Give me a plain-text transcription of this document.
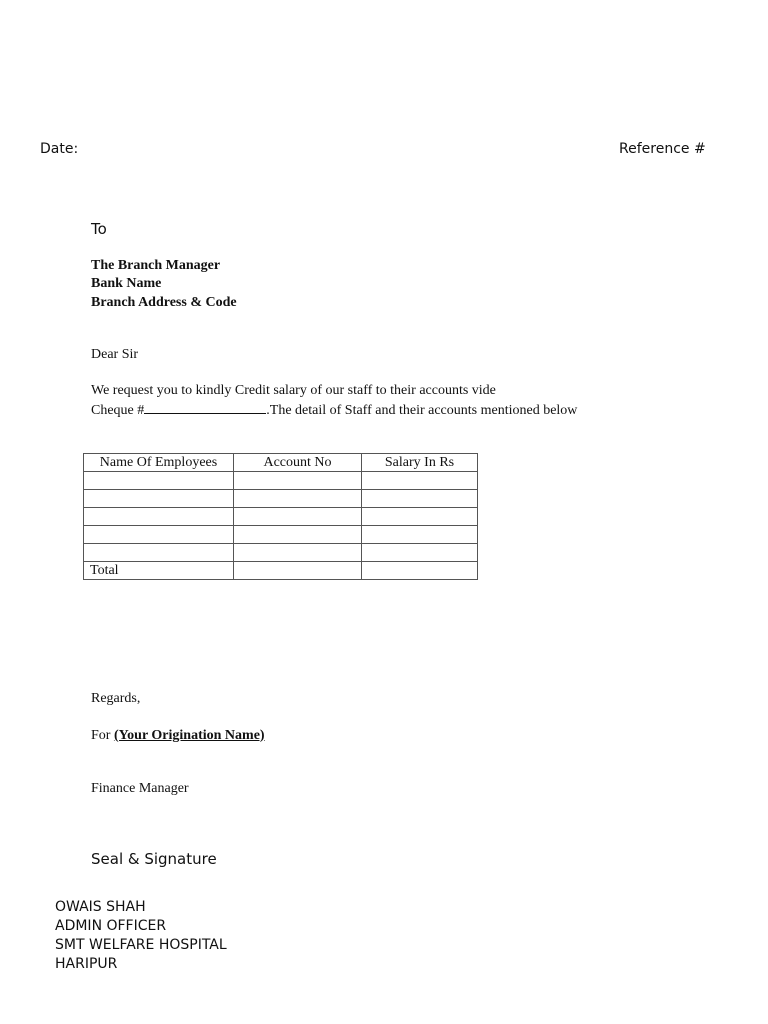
Date:	Reference #
To
The Branch Manager
Bank Name
Branch Address & Code
Dear Sir
We request you to kindly Credit salary of our staff to their accounts vide
Cheque #	.The detail of Staff and their accounts mentioned below
Name Of Employees	Account No	Salary In Rs

Total		
Regards,
For (Your Origination Name)
Finance Manager
Seal & Signature
OWAIS SHAH
ADMIN OFFICER
SMT WELFARE HOSPITAL
HARIPUR
